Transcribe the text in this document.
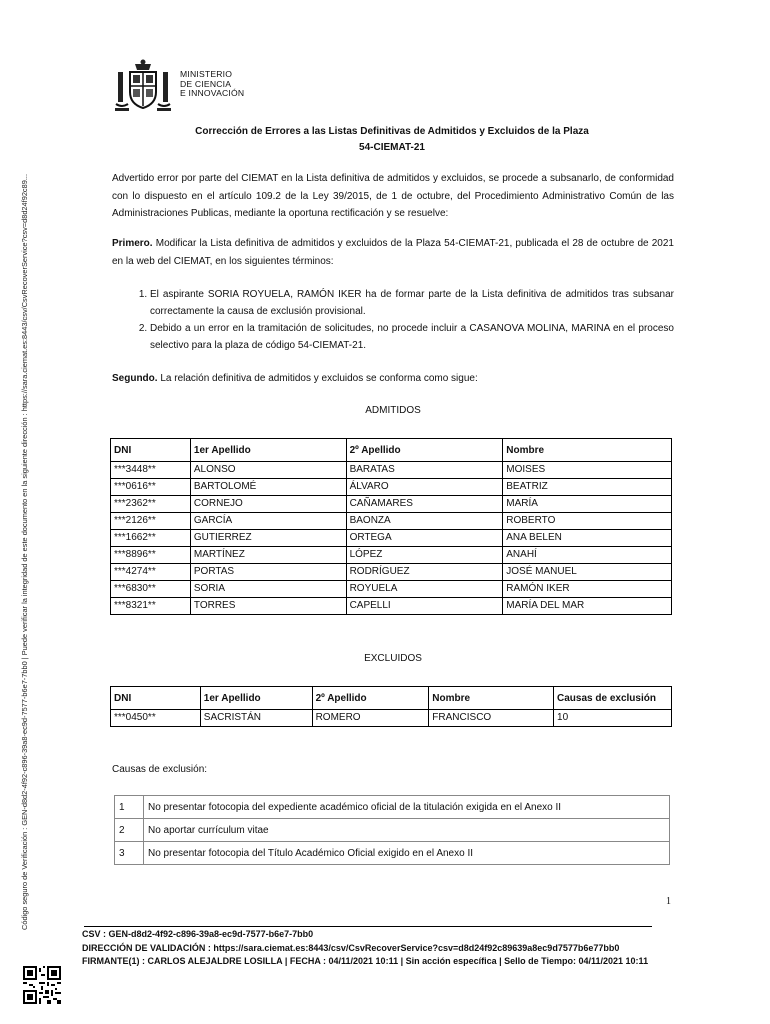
Código seguro de Verificación : GEN-d8d2-4f92-c896-39a8-ec9d-7577-b6e7-7bb0 | Puede verificar la integridad de este documento en la siguiente dirección : https://sara.ciemat.es:8443/csv/CsvRecoverService?csv=d8d24f92c89...
MINISTERIO
DE CIENCIA
E INNOVACIÓN
Corrección de Errores a las Listas Definitivas de Admitidos y Excluidos de la Plaza
54-CIEMAT-21
Advertido error por parte del CIEMAT en la Lista definitiva de admitidos y excluidos, se procede a subsanarlo, de conformidad con lo dispuesto en el artículo 109.2 de la Ley 39/2015, de 1 de octubre, del Procedimiento Administrativo Común de las Administraciones Publicas, mediante la oportuna rectificación y se resuelve:
Primero. Modificar la Lista definitiva de admitidos y excluidos de la Plaza 54-CIEMAT-21, publicada el 28 de octubre de 2021 en la web del CIEMAT, en los siguientes términos:
1. El aspirante SORIA ROYUELA, RAMÓN IKER ha de formar parte de la Lista definitiva de admitidos tras subsanar correctamente la causa de exclusión provisional.
2. Debido a un error en la tramitación de solicitudes, no procede incluir a CASANOVA MOLINA, MARINA en el proceso selectivo para la plaza de código 54-CIEMAT-21.
Segundo. La relación definitiva de admitidos y excluidos se conforma como sigue:
ADMITIDOS
DNI	1er Apellido	2º Apellido	Nombre
***3448**	ALONSO	BARATAS	MOISES
***0616**	BARTOLOMÉ	ÁLVARO	BEATRIZ
***2362**	CORNEJO	CAÑAMARES	MARÍA
***2126**	GARCÍA	BAONZA	ROBERTO
***1662**	GUTIERREZ	ORTEGA	ANA BELEN
***8896**	MARTÍNEZ	LÓPEZ	ANAHÍ
***4274**	PORTAS	RODRÍGUEZ	JOSÉ MANUEL
***6830**	SORIA	ROYUELA	RAMÓN IKER
***8321**	TORRES	CAPELLI	MARÍA DEL MAR
EXCLUIDOS
DNI	1er Apellido	2º Apellido	Nombre	Causas de exclusión
***0450**	SACRISTÁN	ROMERO	FRANCISCO	10
Causas de exclusión:
1	No presentar fotocopia del expediente académico oficial de la titulación exigida en el Anexo II
2	No aportar currículum vitae
3	No presentar fotocopia del Título Académico Oficial exigido en el Anexo II
1
CSV : GEN-d8d2-4f92-c896-39a8-ec9d-7577-b6e7-7bb0
DIRECCIÓN DE VALIDACIÓN : https://sara.ciemat.es:8443/csv/CsvRecoverService?csv=d8d24f92c89639a8ec9d7577b6e77bb0
FIRMANTE(1) : CARLOS ALEJALDRE LOSILLA | FECHA : 04/11/2021 10:11 | Sin acción específica | Sello de Tiempo: 04/11/2021 10:11
